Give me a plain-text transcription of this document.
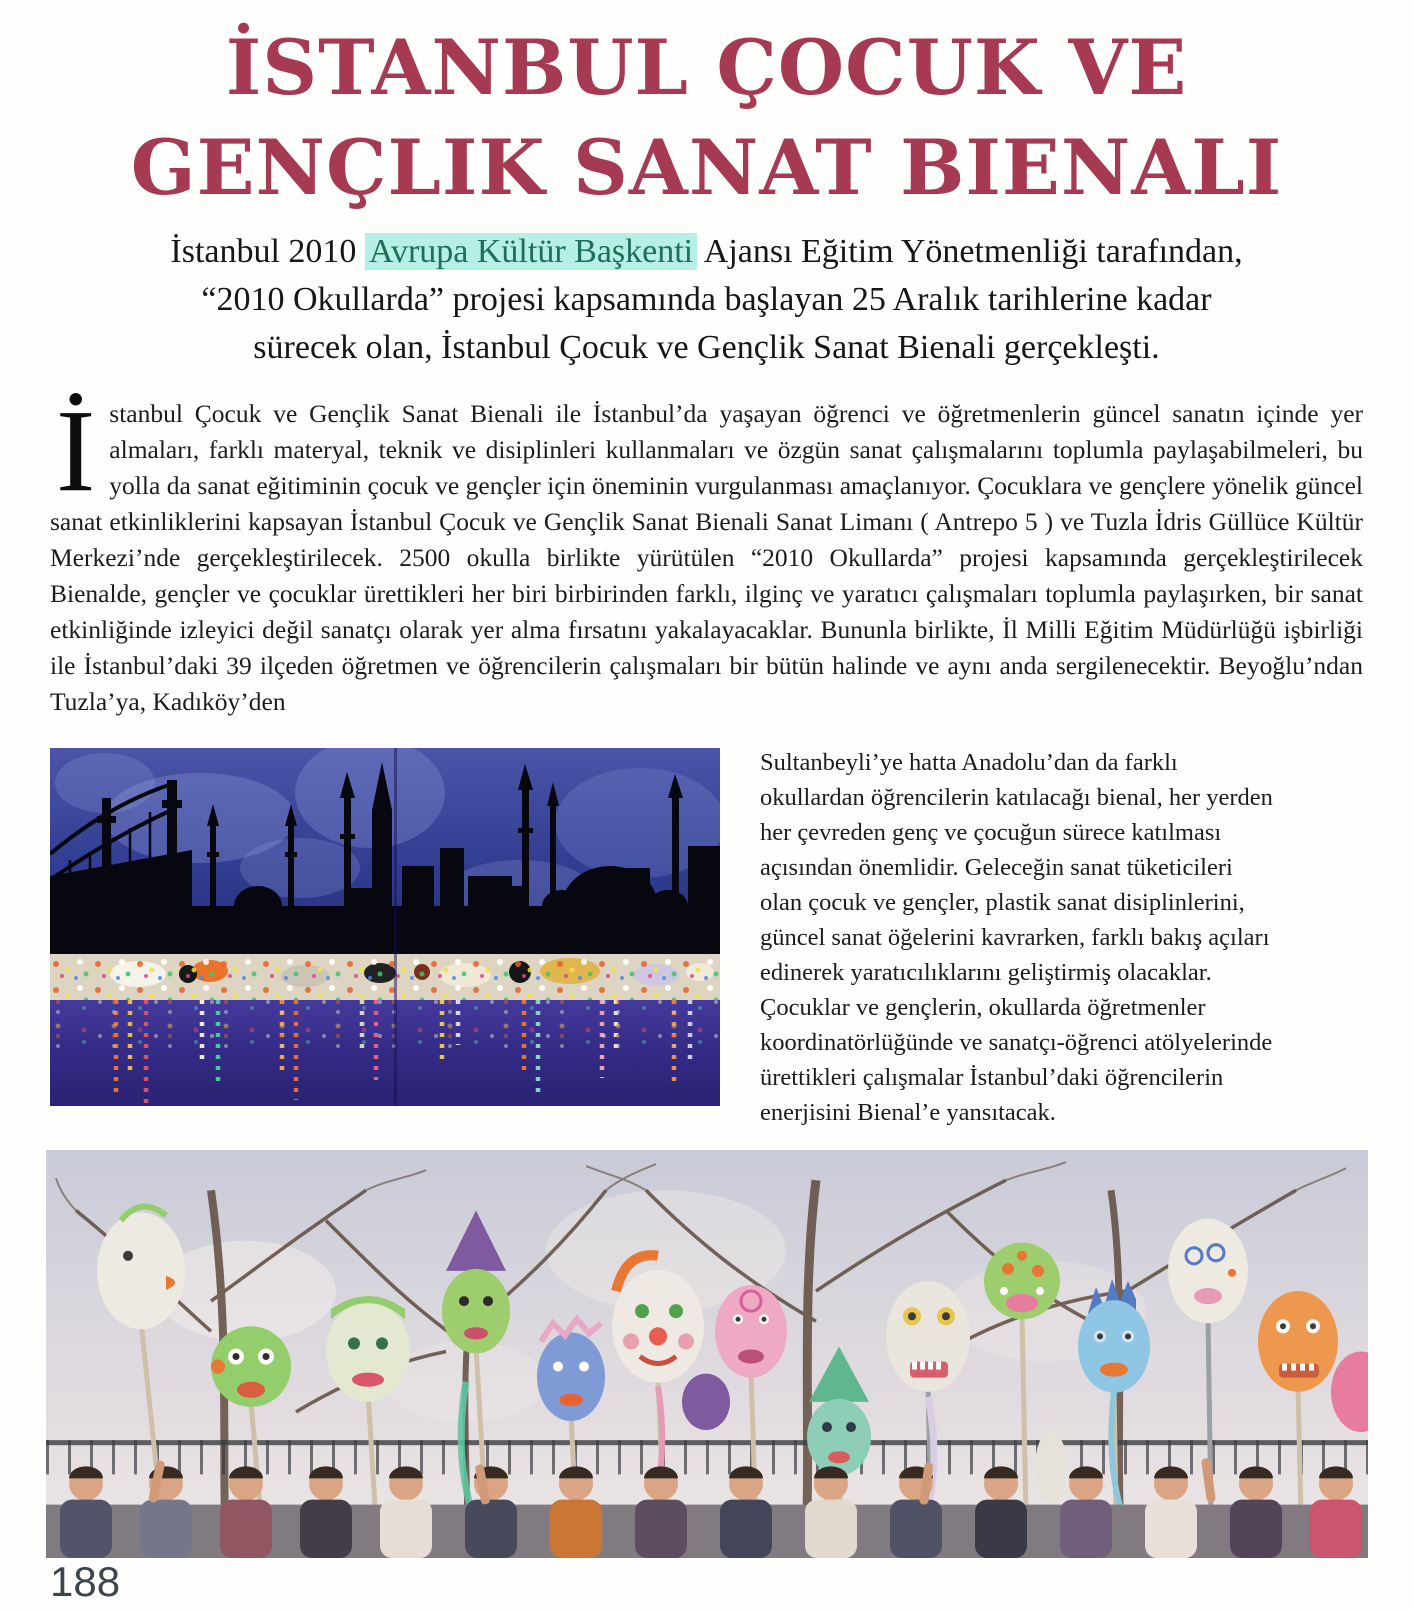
İSTANBUL ÇOCUK VE
GENÇLIK SANAT BIENALI

İstanbul 2010 Avrupa Kültür Başkenti Ajansı Eğitim Yönetmenliği tarafından,
“2010 Okullarda” projesi kapsamında başlayan 25 Aralık tarihlerine kadar
sürecek olan, İstanbul Çocuk ve Gençlik Sanat Bienali gerçekleşti.

İstanbul Çocuk ve Gençlik Sanat Bienali ile İstanbul’da yaşayan öğrenci ve öğretmenlerin güncel sanatın içinde yer almaları, farklı materyal, teknik ve disiplinleri kullanmaları ve özgün sanat çalışmalarını toplumla paylaşabilmeleri, bu yolla da sanat eğitiminin çocuk ve gençler için öneminin vurgulanması amaçlanıyor. Çocuklara ve gençlere yönelik güncel sanat etkinliklerini kapsayan İstanbul Çocuk ve Gençlik Sanat Bienali Sanat Limanı ( Antrepo 5 ) ve Tuzla İdris Güllüce Kültür Merkezi’nde gerçekleştirilecek. 2500 okulla birlikte yürütülen “2010 Okullarda” projesi kapsamında gerçekleştirilecek Bienalde, gençler ve çocuklar ürettikleri her biri birbirinden farklı, ilginç ve yaratıcı çalışmaları toplumla paylaşırken, bir sanat etkinliğinde izleyici değil sanatçı olarak yer alma fırsatını yakalayacaklar. Bununla birlikte, İl Milli Eğitim Müdürlüğü işbirliği ile İstanbul’daki 39 ilçeden öğretmen ve öğrencilerin çalışmaları bir bütün halinde ve aynı anda sergilenecektir. Beyoğlu’ndan Tuzla’ya, Kadıköy’den

Sultanbeyli’ye hatta Anadolu’dan da farklı okullardan öğrencilerin katılacağı bienal, her yerden her çevreden genç ve çocuğun sürece katılması açısından önemlidir. Geleceğin sanat tüketicileri olan çocuk ve gençler, plastik sanat disiplinlerini, güncel sanat öğelerini kavrarken, farklı bakış açıları edinerek yaratıcılıklarını geliştirmiş olacaklar. Çocuklar ve gençlerin, okullarda öğretmenler koordinatörlüğünde ve sanatçı-öğrenci atölyelerinde ürettikleri çalışmalar İstanbul’daki öğrencilerin enerjisini Bienal’e yansıtacak.

188
